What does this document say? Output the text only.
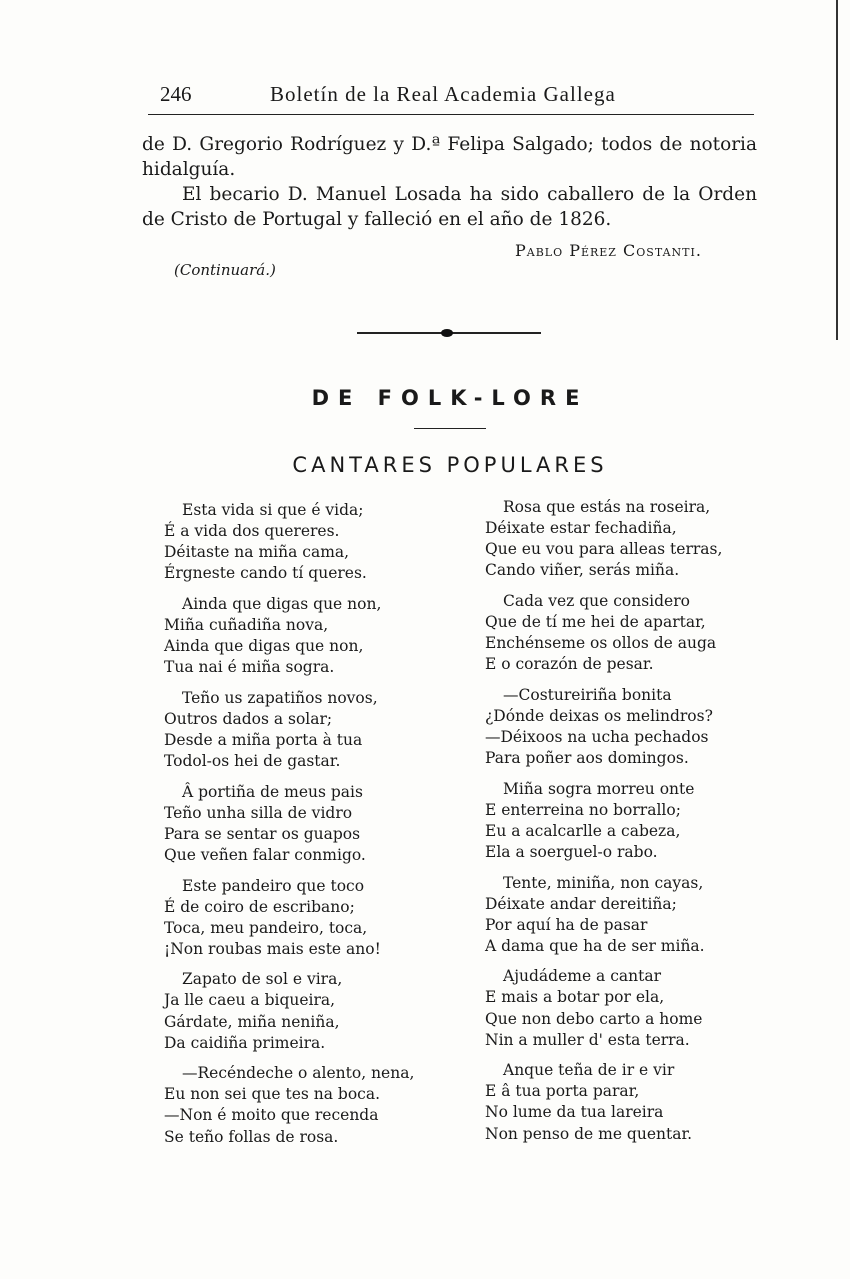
246	Boletín de la Real Academia Gallega
de D. Gregorio Rodríguez y D.ª Felipa Salgado; todos de notoria hidalguía.
El becario D. Manuel Losada ha sido caballero de la Orden de Cristo de Portugal y falleció en el año de 1826.
Pablo Pérez Costanti.
(Continuará.)
DE FOLK-LORE
CANTARES POPULARES
Esta vida si que é vida;
É a vida dos quereres.
Déitaste na miña cama,
Érgneste cando tí queres.
Ainda que digas que non,
Miña cuñadiña nova,
Ainda que digas que non,
Tua nai é miña sogra.
Teño us zapatiños novos,
Outros dados a solar;
Desde a miña porta à tua
Todol-os hei de gastar.
Â portiña de meus pais
Teño unha silla de vidro
Para se sentar os guapos
Que veñen falar conmigo.
Este pandeiro que toco
É de coiro de escribano;
Toca, meu pandeiro, toca,
¡Non roubas mais este ano!
Zapato de sol e vira,
Ja lle caeu a biqueira,
Gárdate, miña neniña,
Da caidiña primeira.
—Recéndeche o alento, nena,
Eu non sei que tes na boca.
—Non é moito que recenda
Se teño follas de rosa.
Rosa que estás na roseira,
Déixate estar fechadiña,
Que eu vou para alleas terras,
Cando viñer, serás miña.
Cada vez que considero
Que de tí me hei de apartar,
Enchénseme os ollos de auga
E o corazón de pesar.
—Costureiriña bonita
¿Dónde deixas os melindros?
—Déixoos na ucha pechados
Para poñer aos domingos.
Miña sogra morreu onte
E enterreina no borrallo;
Eu a acalcarlle a cabeza,
Ela a soerguel-o rabo.
Tente, miniña, non cayas,
Déixate andar dereitiña;
Por aquí ha de pasar
A dama que ha de ser miña.
Ajudádeme a cantar
E mais a botar por ela,
Que non debo carto a home
Nin a muller d' esta terra.
Anque teña de ir e vir
E â tua porta parar,
No lume da tua lareira
Non penso de me quentar.
